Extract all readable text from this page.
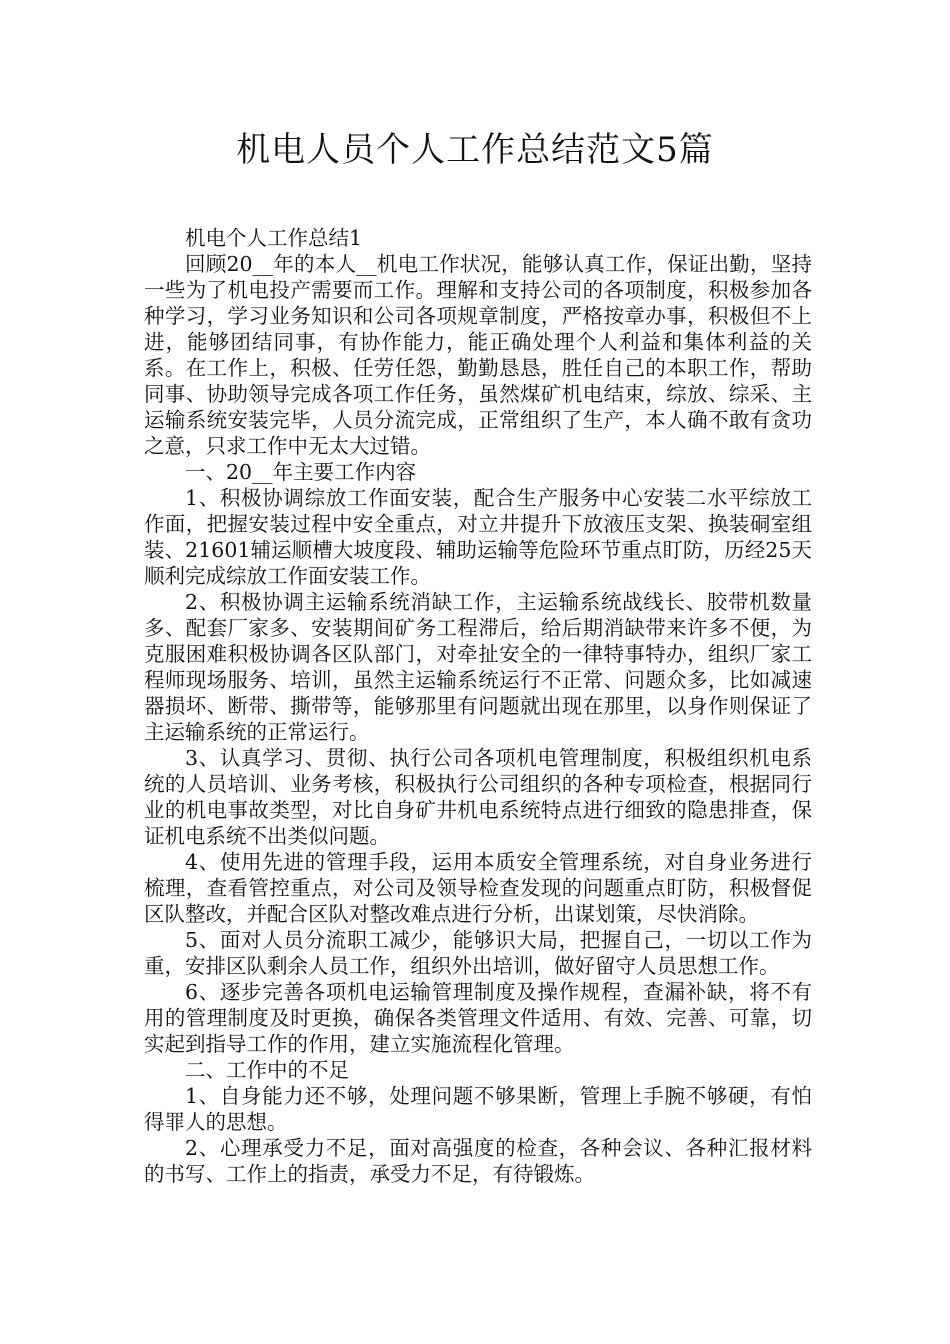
机电人员个人工作总结范文5篇

机电个人工作总结1

回顾20__年的本人__机电工作状况，能够认真工作，保证出勤，坚持一些为了机电投产需要而工作。理解和支持公司的各项制度，积极参加各种学习，学习业务知识和公司各项规章制度，严格按章办事，积极但不上进，能够团结同事，有协作能力，能正确处理个人利益和集体利益的关系。在工作上，积极、任劳任怨，勤勤恳恳，胜任自己的本职工作，帮助同事、协助领导完成各项工作任务，虽然煤矿机电结束，综放、综采、主运输系统安装完毕，人员分流完成，正常组织了生产，本人确不敢有贪功之意，只求工作中无太大过错。

一、20__年主要工作内容

1、积极协调综放工作面安装，配合生产服务中心安装二水平综放工作面，把握安装过程中安全重点，对立井提升下放液压支架、换装硐室组装、21601辅运顺槽大坡度段、辅助运输等危险环节重点盯防，历经25天顺利完成综放工作面安装工作。

2、积极协调主运输系统消缺工作，主运输系统战线长、胶带机数量多、配套厂家多、安装期间矿务工程滞后，给后期消缺带来许多不便，为克服困难积极协调各区队部门，对牵扯安全的一律特事特办，组织厂家工程师现场服务、培训，虽然主运输系统运行不正常、问题众多，比如减速器损坏、断带、撕带等，能够那里有问题就出现在那里，以身作则保证了主运输系统的正常运行。

3、认真学习、贯彻、执行公司各项机电管理制度，积极组织机电系统的人员培训、业务考核，积极执行公司组织的各种专项检查，根据同行业的机电事故类型，对比自身矿井机电系统特点进行细致的隐患排查，保证机电系统不出类似问题。

4、使用先进的管理手段，运用本质安全管理系统，对自身业务进行梳理，查看管控重点，对公司及领导检查发现的问题重点盯防，积极督促区队整改，并配合区队对整改难点进行分析，出谋划策，尽快消除。

5、面对人员分流职工减少，能够识大局，把握自己，一切以工作为重，安排区队剩余人员工作，组织外出培训，做好留守人员思想工作。

6、逐步完善各项机电运输管理制度及操作规程，查漏补缺，将不有用的管理制度及时更换，确保各类管理文件适用、有效、完善、可靠，切实起到指导工作的作用，建立实施流程化管理。

二、工作中的不足

1、自身能力还不够，处理问题不够果断，管理上手腕不够硬，有怕得罪人的思想。

2、心理承受力不足，面对高强度的检查，各种会议、各种汇报材料的书写、工作上的指责，承受力不足，有待锻炼。
